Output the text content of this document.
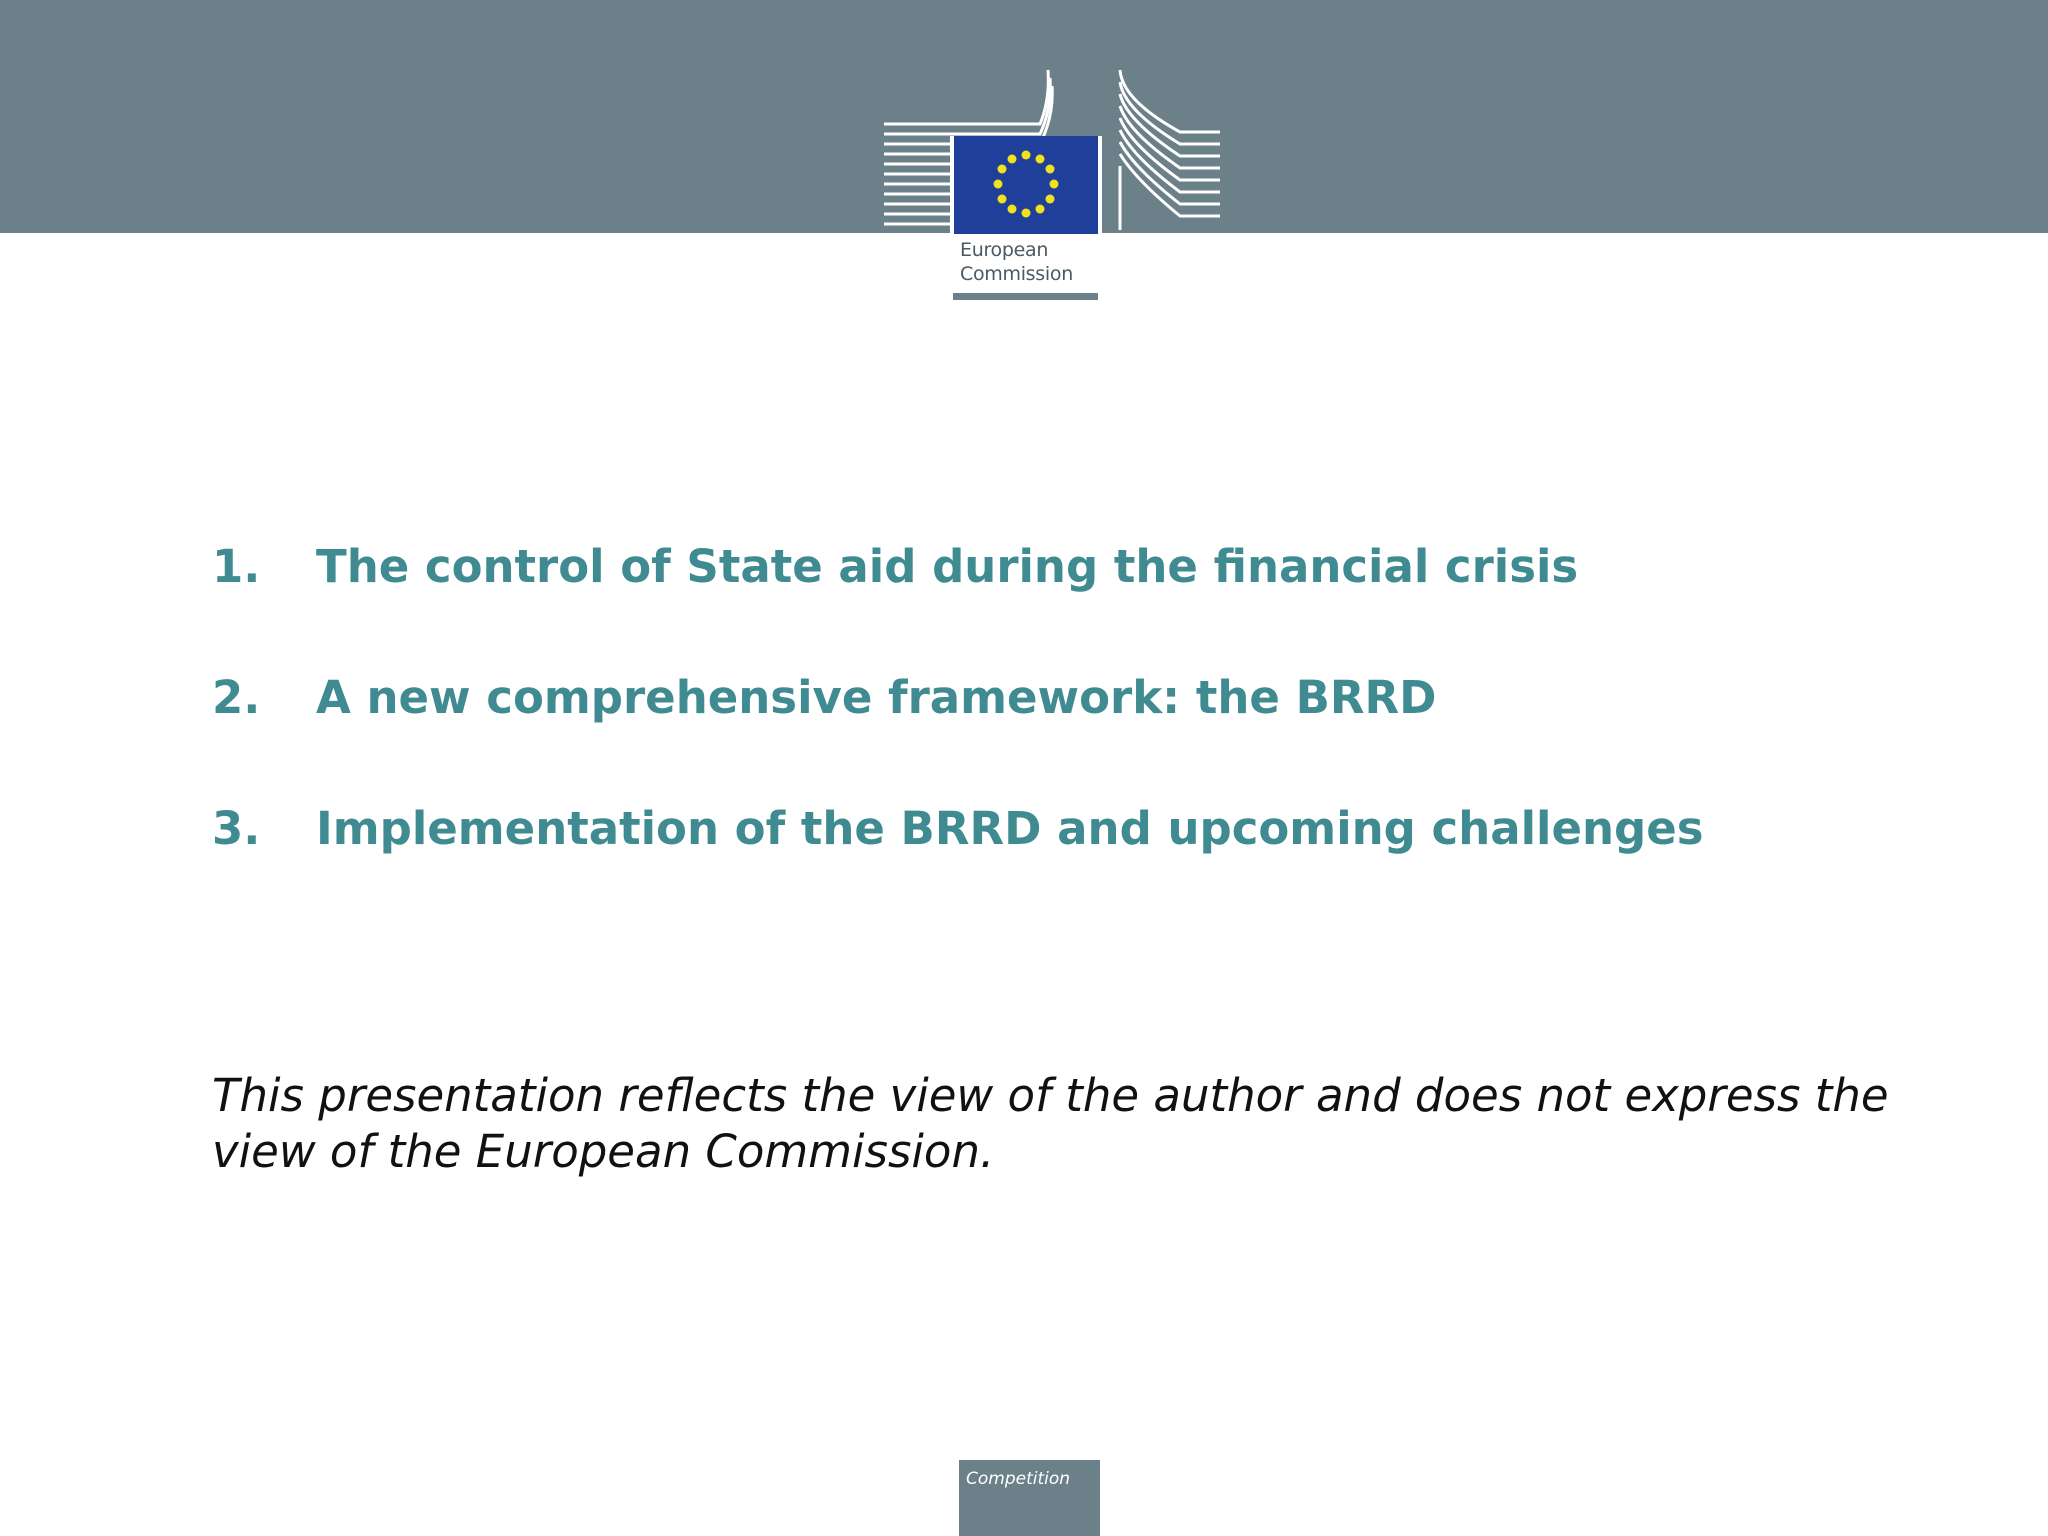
European
Commission
1.	The control of State aid during the financial crisis
2.	A new comprehensive framework: the BRRD
3.	Implementation of the BRRD and upcoming challenges

This presentation reflects the view of the author and does not express the view of the European Commission.

Competition
